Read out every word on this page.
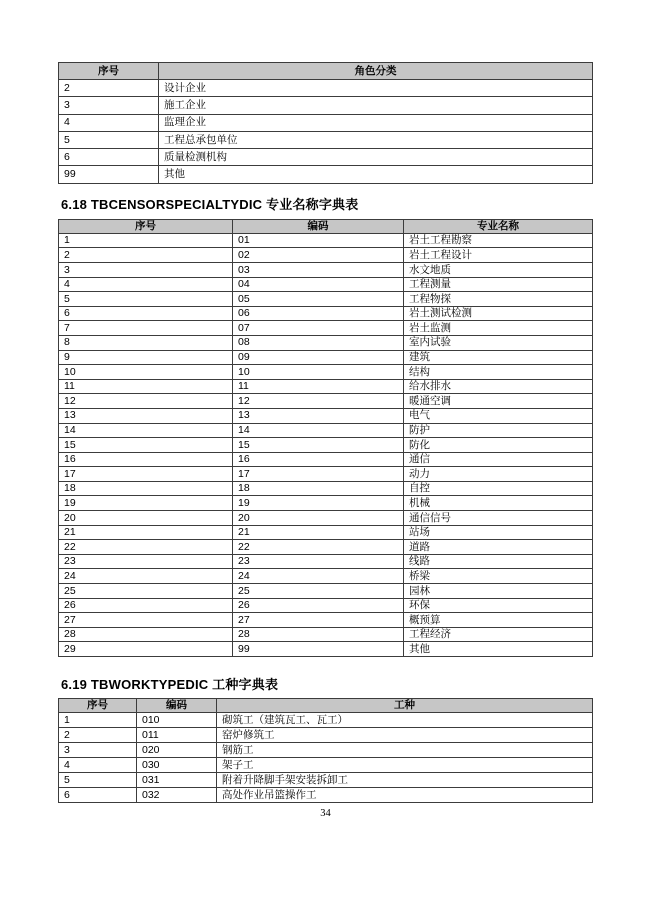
序号	角色分类
2	设计企业
3	施工企业
4	监理企业
5	工程总承包单位
6	质量检测机构
99	其他
6.18 TBCENSORSPECIALTYDIC 专业名称字典表
序号	编码	专业名称
1	01	岩土工程勘察
2	02	岩土工程设计
3	03	水文地质
4	04	工程测量
5	05	工程物探
6	06	岩土测试检测
7	07	岩土监测
8	08	室内试验
9	09	建筑
10	10	结构
11	11	给水排水
12	12	暖通空调
13	13	电气
14	14	防护
15	15	防化
16	16	通信
17	17	动力
18	18	自控
19	19	机械
20	20	通信信号
21	21	站场
22	22	道路
23	23	线路
24	24	桥梁
25	25	园林
26	26	环保
27	27	概预算
28	28	工程经济
29	99	其他
6.19 TBWORKTYPEDIC 工种字典表
序号	编码	工种
1	010	砌筑工（建筑瓦工、瓦工）
2	011	窑炉修筑工
3	020	钢筋工
4	030	架子工
5	031	附着升降脚手架安装拆卸工
6	032	高处作业吊篮操作工
34
